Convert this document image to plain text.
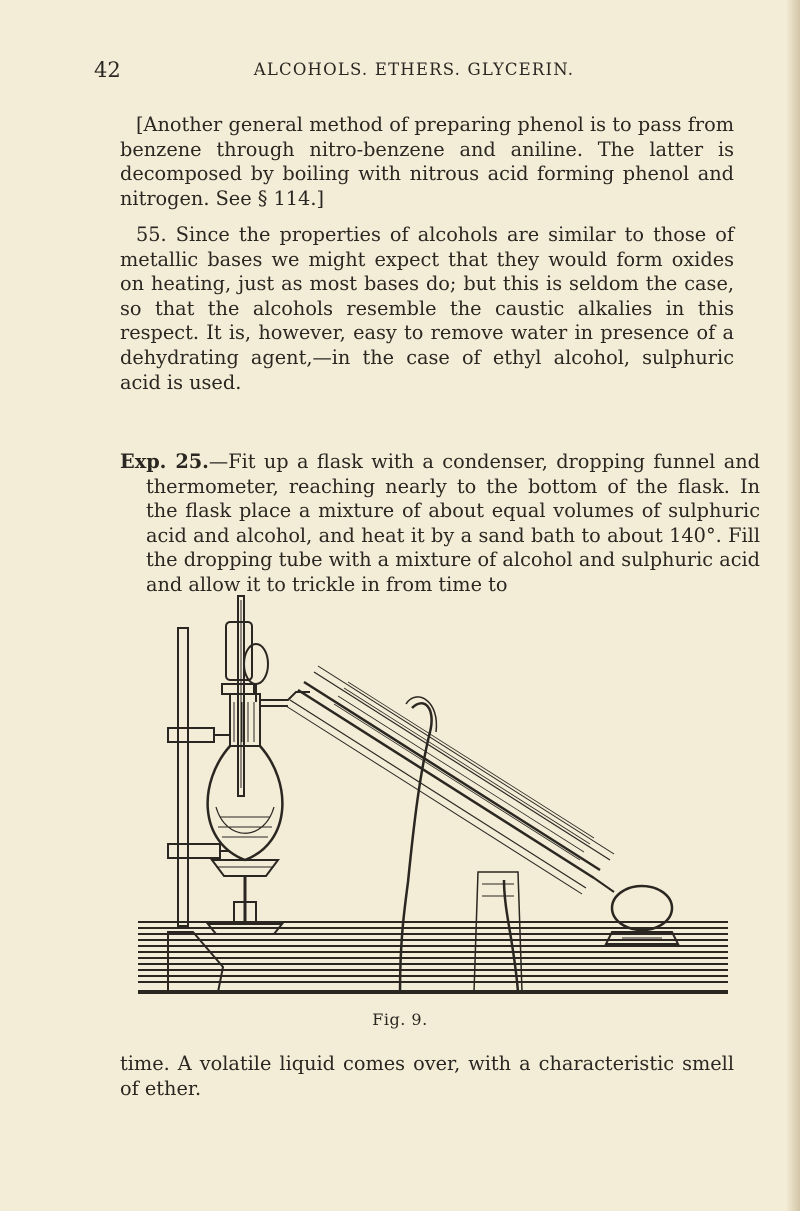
42	ALCOHOLS. ETHERS. GLYCERIN.

[Another general method of preparing phenol is to pass from benzene through nitro-benzene and aniline. The latter is decomposed by boiling with nitrous acid forming phenol and nitrogen. See § 114.]

55. Since the properties of alcohols are similar to those of metallic bases we might expect that they would form oxides on heating, just as most bases do; but this is seldom the case, so that the alcohols resemble the caustic alkalies in this respect. It is, however, easy to remove water in presence of a dehydrating agent,—in the case of ethyl alcohol, sulphuric acid is used.

Exp. 25.—Fit up a flask with a condenser, dropping funnel and thermometer, reaching nearly to the bottom of the flask. In the flask place a mixture of about equal volumes of sulphuric acid and alcohol, and heat it by a sand bath to about 140°. Fill the dropping tube with a mixture of alcohol and sulphuric acid and allow it to trickle in from time to

Fig. 9.

time. A volatile liquid comes over, with a characteristic smell of ether.
